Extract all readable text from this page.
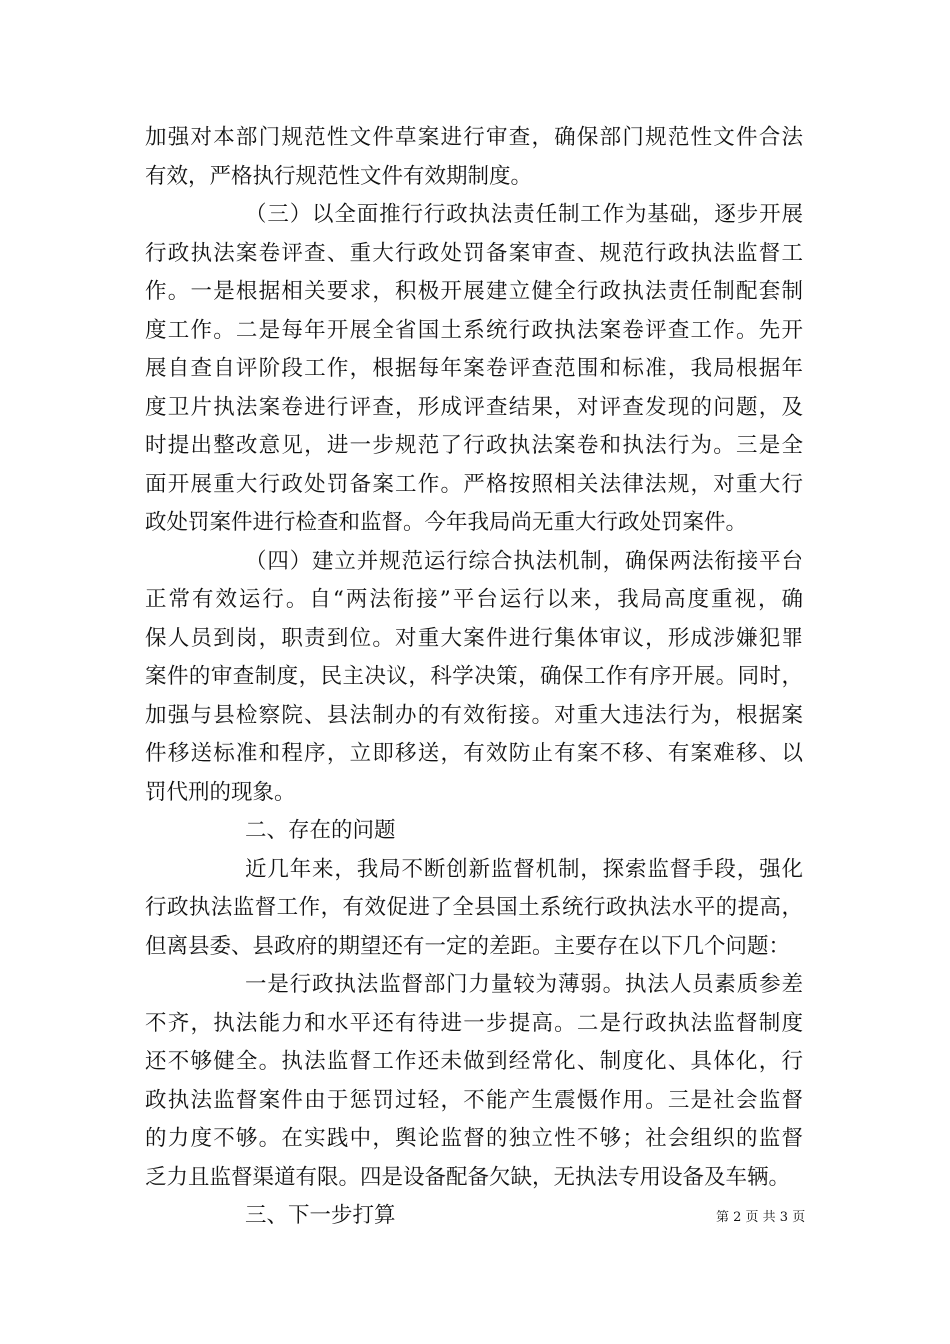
加强对本部门规范性文件草案进行审查，确保部门规范性文件合法
有效，严格执行规范性文件有效期制度。
（三）以全面推行行政执法责任制工作为基础，逐步开展
行政执法案卷评查、重大行政处罚备案审查、规范行政执法监督工
作。一是根据相关要求，积极开展建立健全行政执法责任制配套制
度工作。二是每年开展全省国土系统行政执法案卷评查工作。先开
展自查自评阶段工作，根据每年案卷评查范围和标准，我局根据年
度卫片执法案卷进行评查，形成评查结果，对评查发现的问题，及
时提出整改意见，进一步规范了行政执法案卷和执法行为。三是全
面开展重大行政处罚备案工作。严格按照相关法律法规，对重大行
政处罚案件进行检查和监督。今年我局尚无重大行政处罚案件。
（四）建立并规范运行综合执法机制，确保两法衔接平台
正常有效运行。自“两法衔接”平台运行以来，我局高度重视，确
保人员到岗，职责到位。对重大案件进行集体审议，形成涉嫌犯罪
案件的审查制度，民主决议，科学决策，确保工作有序开展。同时，
加强与县检察院、县法制办的有效衔接。对重大违法行为，根据案
件移送标准和程序，立即移送，有效防止有案不移、有案难移、以
罚代刑的现象。
二、存在的问题
近几年来，我局不断创新监督机制，探索监督手段，强化
行政执法监督工作，有效促进了全县国土系统行政执法水平的提高，
但离县委、县政府的期望还有一定的差距。主要存在以下几个问题：
一是行政执法监督部门力量较为薄弱。执法人员素质参差
不齐，执法能力和水平还有待进一步提高。二是行政执法监督制度
还不够健全。执法监督工作还未做到经常化、制度化、具体化，行
政执法监督案件由于惩罚过轻，不能产生震慑作用。三是社会监督
的力度不够。在实践中，舆论监督的独立性不够；社会组织的监督
乏力且监督渠道有限。四是设备配备欠缺，无执法专用设备及车辆。
三、下一步打算	第 2 页 共 3 页
